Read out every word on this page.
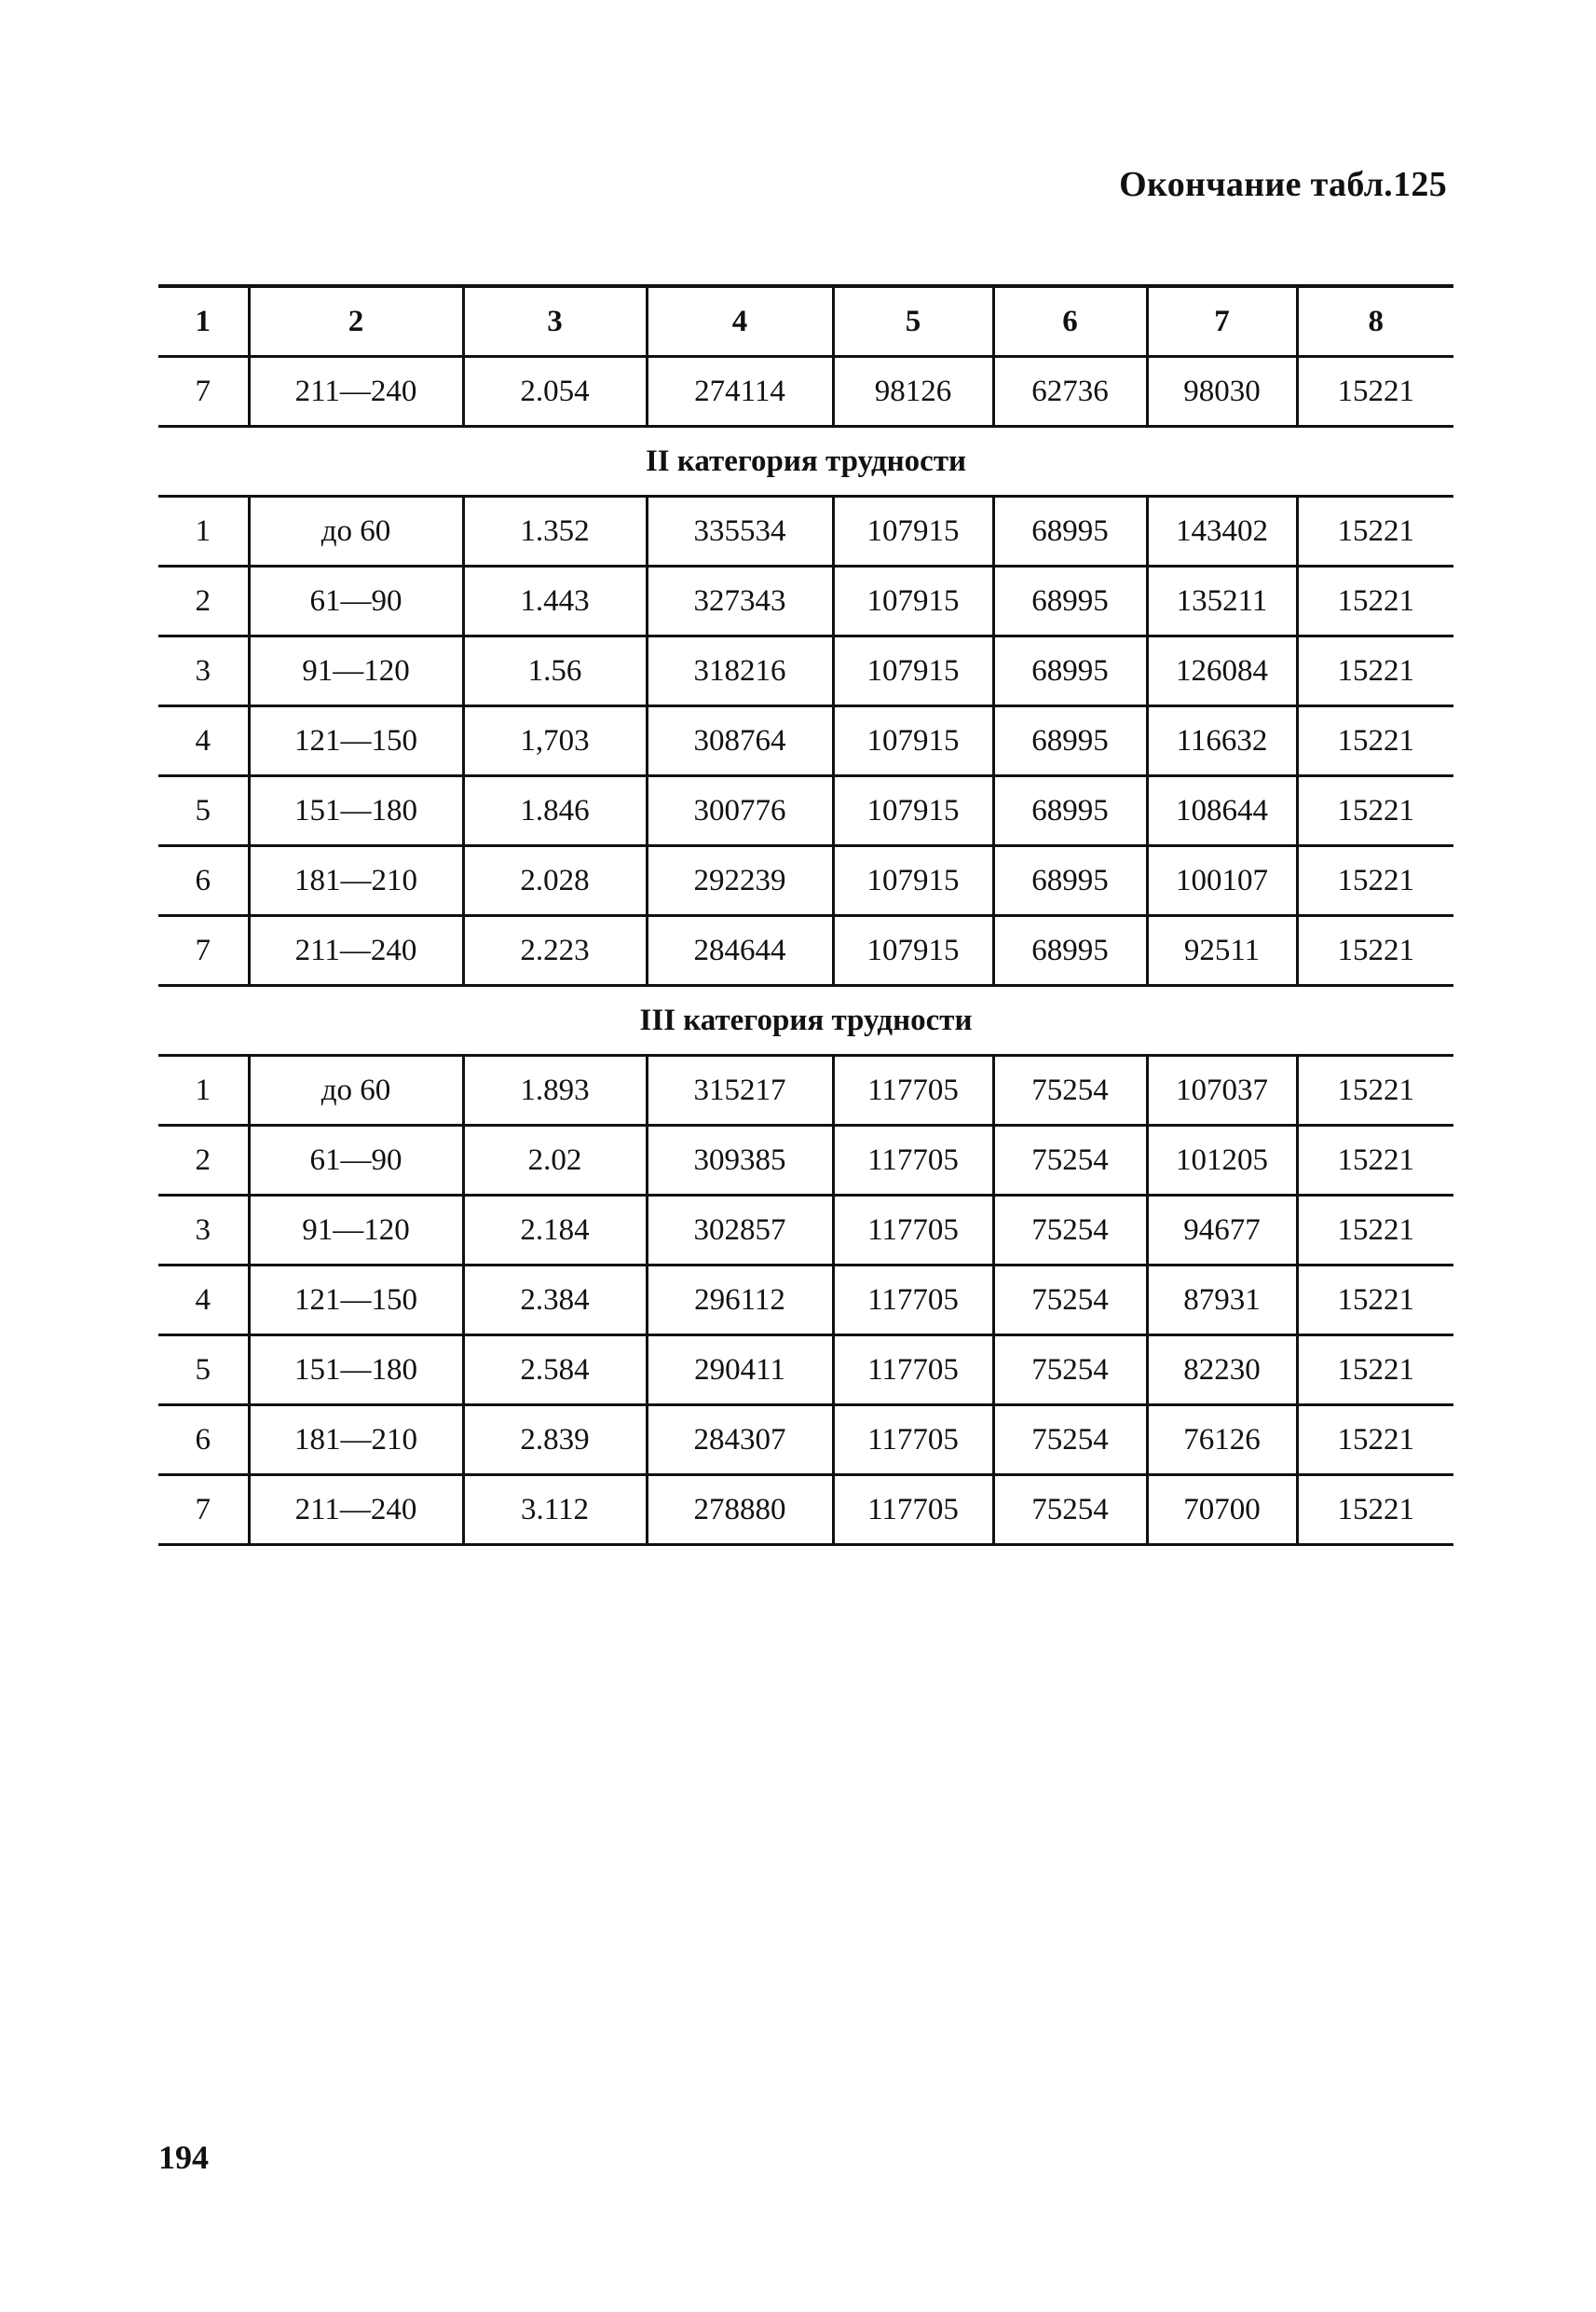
Окончание табл.125
1	2	3	4	5	6	7	8
7	211—240	2.054	274114	98126	62736	98030	15221
II категория трудности							
1	до 60	1.352	335534	107915	68995	143402	15221
2	61—90	1.443	327343	107915	68995	135211	15221
3	91—120	1.56	318216	107915	68995	126084	15221
4	121—150	1,703	308764	107915	68995	116632	15221
5	151—180	1.846	300776	107915	68995	108644	15221
6	181—210	2.028	292239	107915	68995	100107	15221
7	211—240	2.223	284644	107915	68995	92511	15221
III категория трудности							
1	до 60	1.893	315217	117705	75254	107037	15221
2	61—90	2.02	309385	117705	75254	101205	15221
3	91—120	2.184	302857	117705	75254	94677	15221
4	121—150	2.384	296112	117705	75254	87931	15221
5	151—180	2.584	290411	117705	75254	82230	15221
6	181—210	2.839	284307	117705	75254	76126	15221
7	211—240	3.112	278880	117705	75254	70700	15221
194
